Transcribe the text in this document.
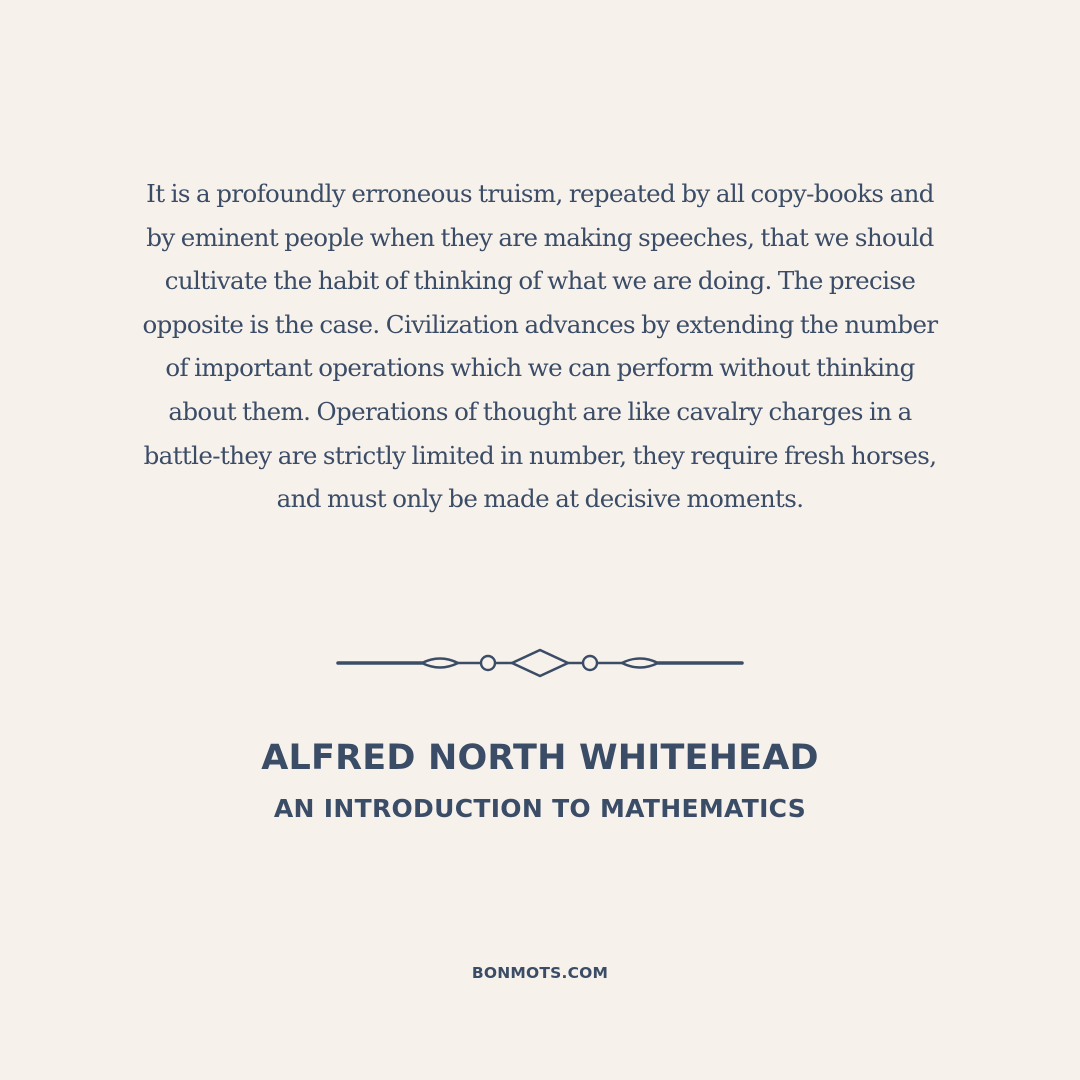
It is a profoundly erroneous truism, repeated by all copy-books and
by eminent people when they are making speeches, that we should
cultivate the habit of thinking of what we are doing. The precise
opposite is the case. Civilization advances by extending the number
of important operations which we can perform without thinking
about them. Operations of thought are like cavalry charges in a
battle-they are strictly limited in number, they require fresh horses,
and must only be made at decisive moments.

ALFRED NORTH WHITEHEAD
AN INTRODUCTION TO MATHEMATICS
BONMOTS.COM
